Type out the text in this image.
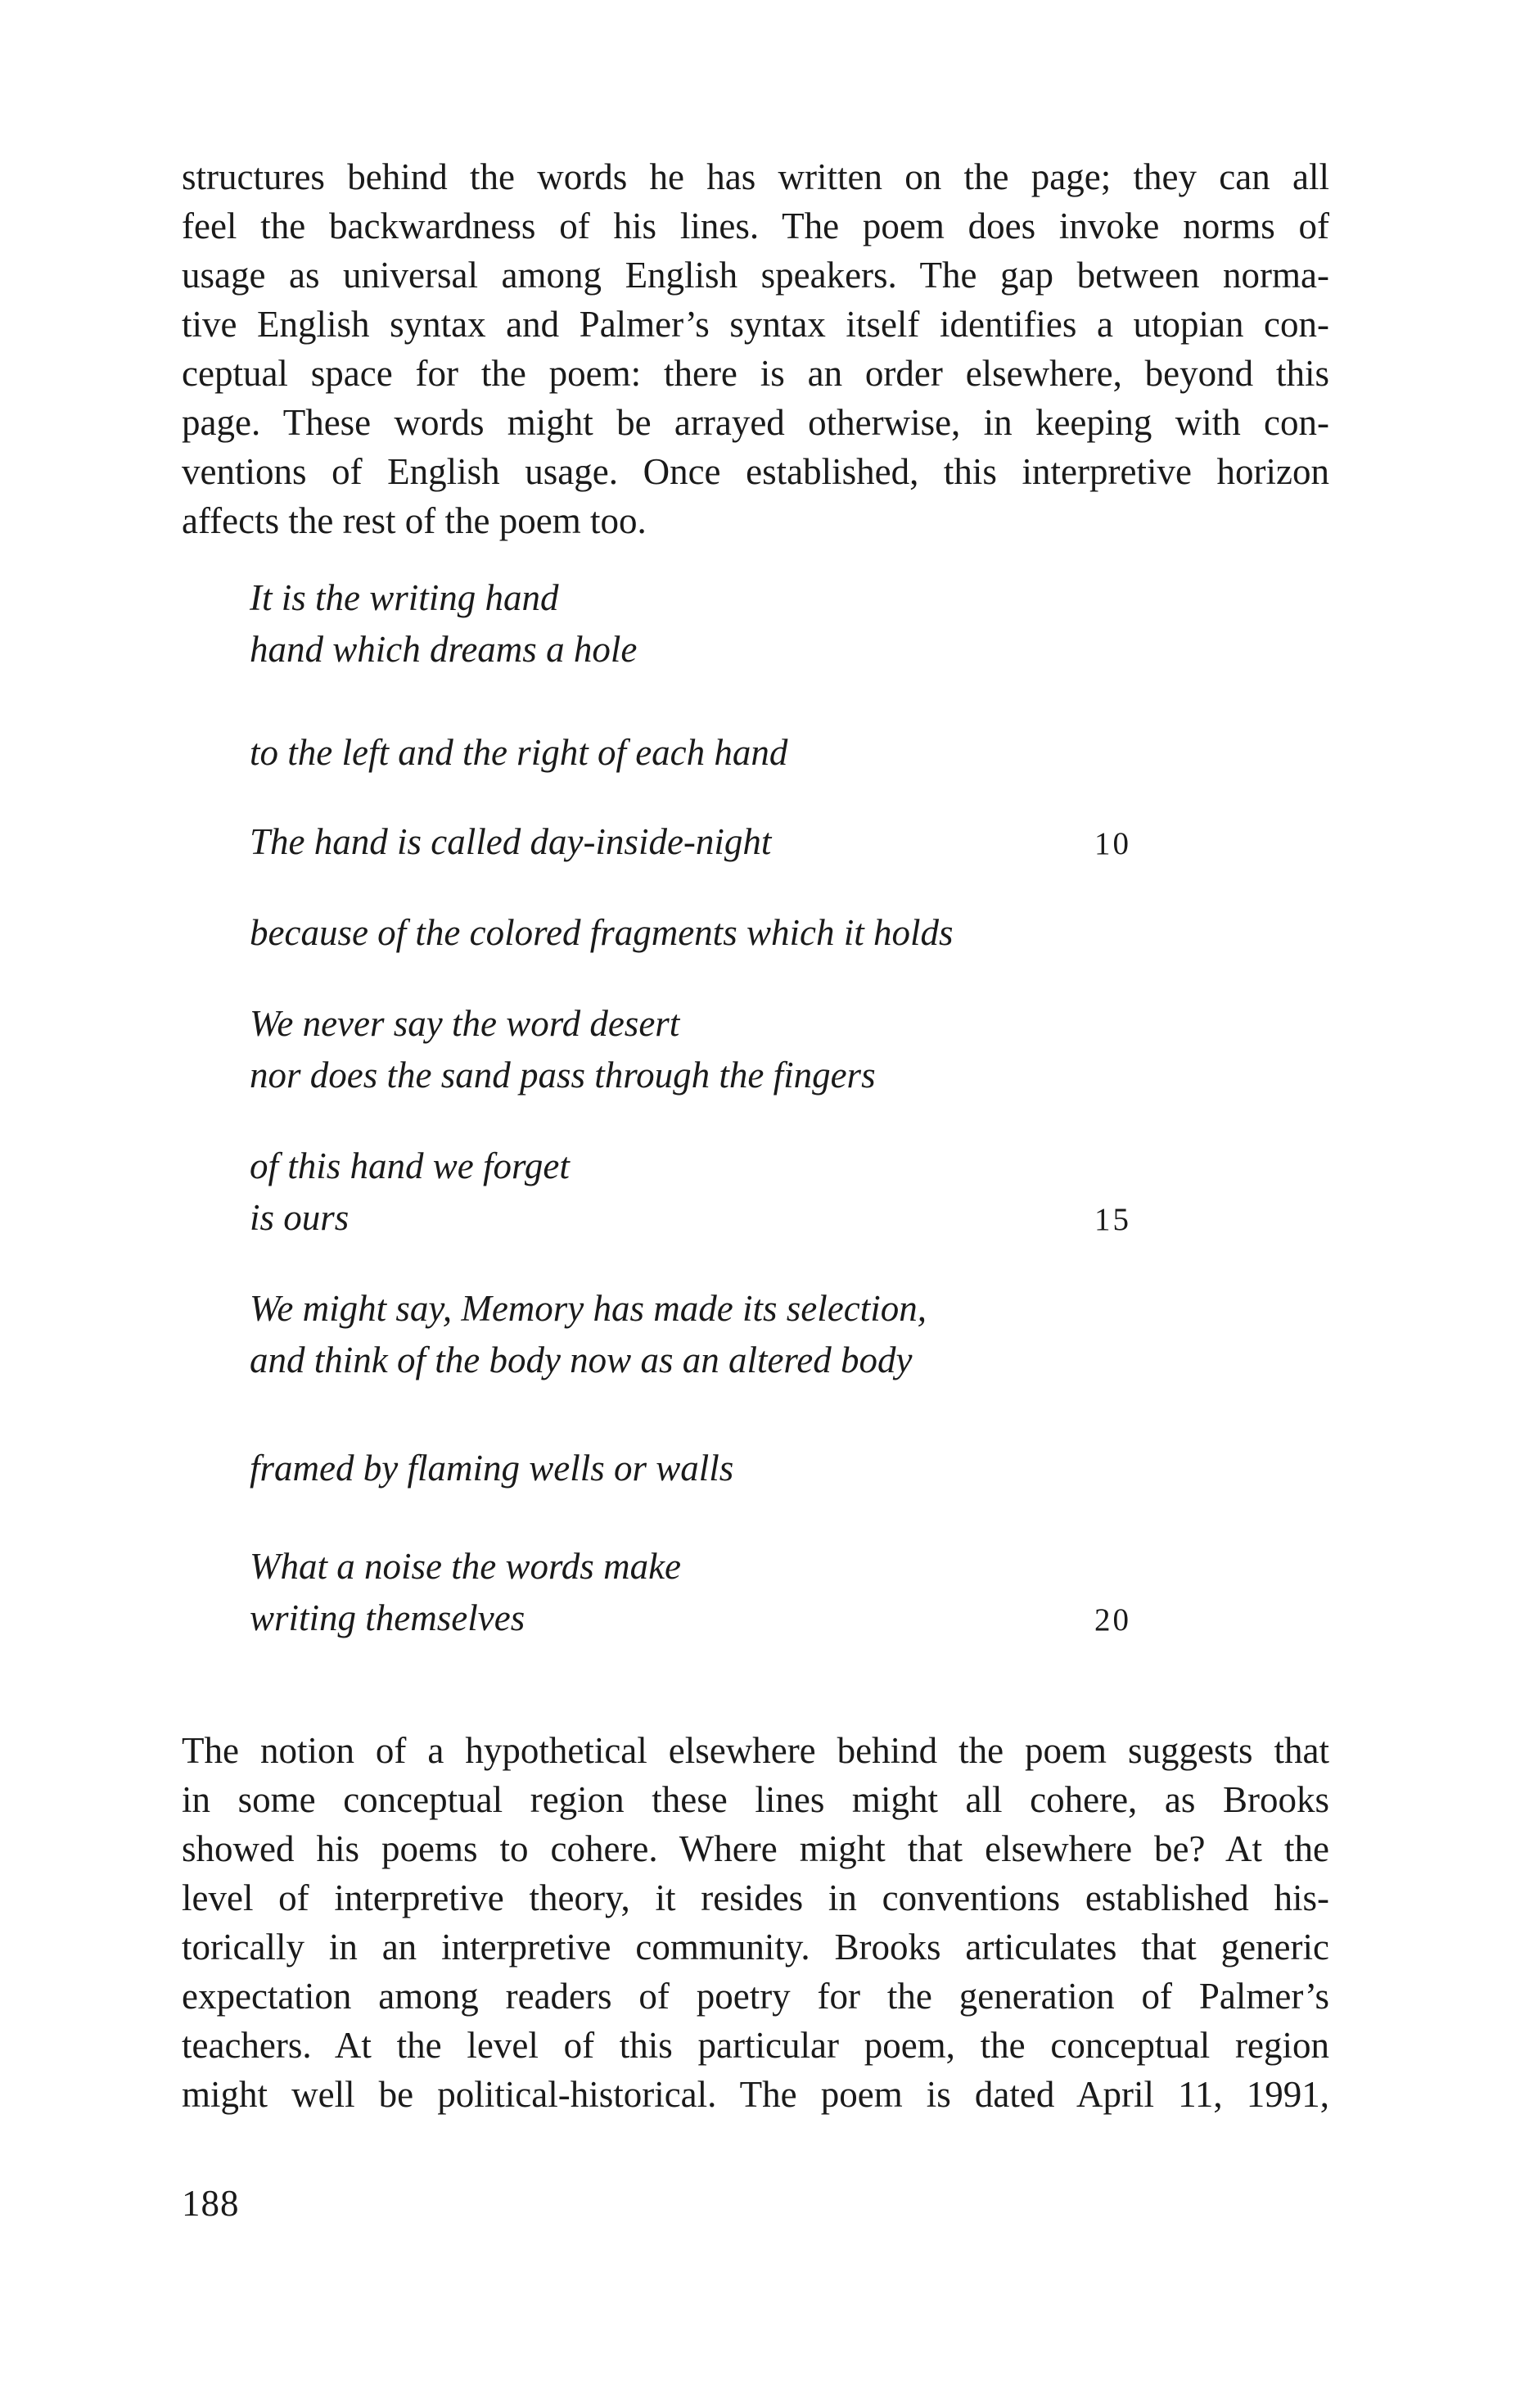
structures behind the words he has written on the page; they can all
feel the backwardness of his lines. The poem does invoke norms of
usage as universal among English speakers. The gap between norma-
tive English syntax and Palmer’s syntax itself identifies a utopian con-
ceptual space for the poem: there is an order elsewhere, beyond this
page. These words might be arrayed otherwise, in keeping with con-
ventions of English usage. Once established, this interpretive horizon
affects the rest of the poem too.
It is the writing hand
hand which dreams a hole
to the left and the right of each hand
The hand is called day-inside-night	10
because of the colored fragments which it holds
We never say the word desert
nor does the sand pass through the fingers
of this hand we forget
is ours	15
We might say, Memory has made its selection,
and think of the body now as an altered body
framed by flaming wells or walls
What a noise the words make
writing themselves	20
The notion of a hypothetical elsewhere behind the poem suggests that
in some conceptual region these lines might all cohere, as Brooks
showed his poems to cohere. Where might that elsewhere be? At the
level of interpretive theory, it resides in conventions established his-
torically in an interpretive community. Brooks articulates that generic
expectation among readers of poetry for the generation of Palmer’s
teachers. At the level of this particular poem, the conceptual region
might well be political-historical. The poem is dated April 11, 1991,
188
